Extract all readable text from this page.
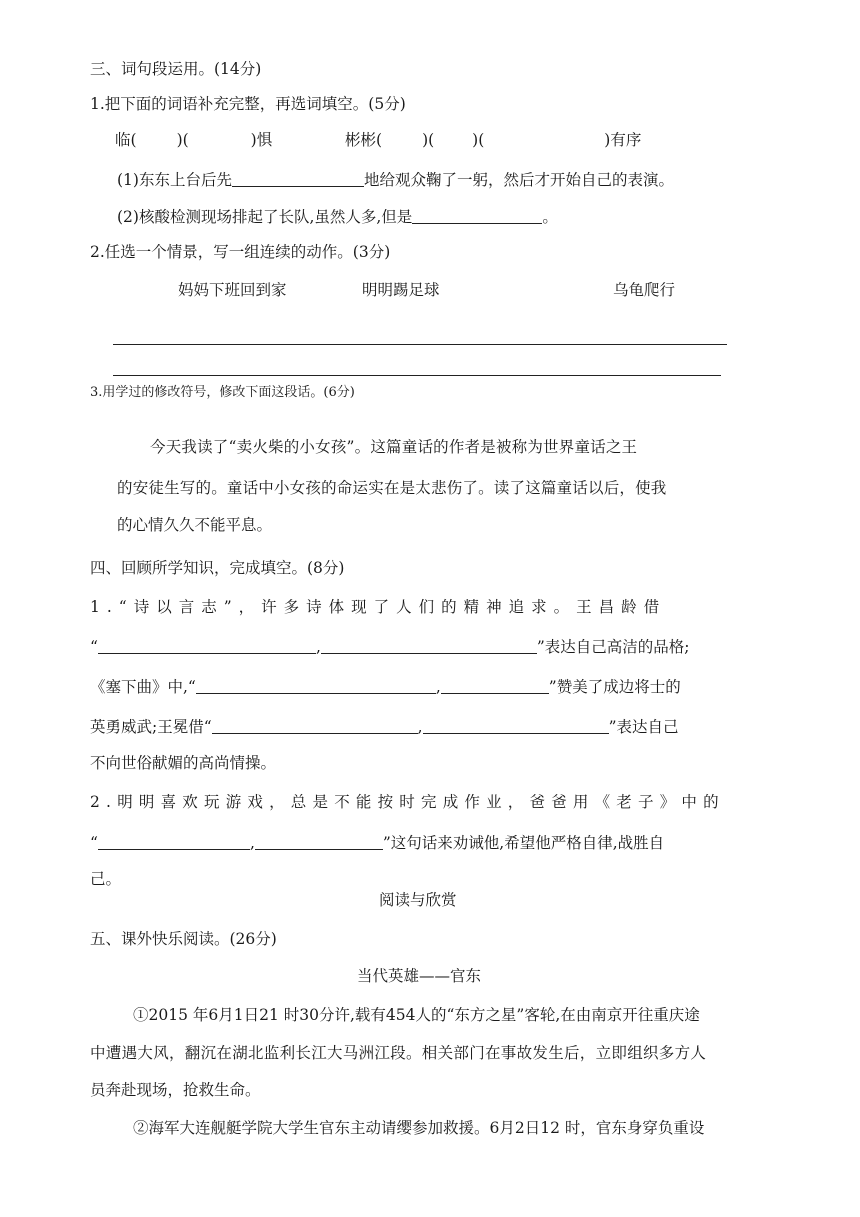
三、词句段运用。(14分)
1.把下面的词语补充完整，再选词填空。(5分)
临(	)(	)惧	彬彬(	)( )(	)有序
(1)东东上台后先	地给观众鞠了一躬，然后才开始自己的表演。
(2)核酸检测现场排起了长队,虽然人多,但是	。
2.任选一个情景，写一组连续的动作。(3分)
妈妈下班回到家	明明踢足球	乌龟爬行
3.用学过的修改符号，修改下面这段话。(6分)
今天我读了“卖火柴的小女孩”。这篇童话的作者是被称为世界童话之王
的安徒生写的。童话中小女孩的命运实在是太悲伤了。读了这篇童话以后，使我
的心情久久不能平息。
四、回顾所学知识，完成填空。(8分)
1.“诗以言志”，许多诗体现了人们的精神追求。王昌龄借
“	,	”表达自己高洁的品格;
《塞下曲》中,“	,	”赞美了成边将士的
英勇威武;王冕借“	,	”表达自己
不向世俗献媚的高尚情操。
2.明明喜欢玩游戏，总是不能按时完成作业，爸爸用《老子》中的
“	,	”这句话来劝诫他,希望他严格自律,战胜自
己。
阅读与欣赏
五、课外快乐阅读。(26分)
当代英雄——官东
①2015 年6月1日21 时30分许,载有454人的“东方之星”客轮,在由南京开往重庆途
中遭遇大风，翻沉在湖北监利长江大马洲江段。相关部门在事故发生后，立即组织多方人
员奔赴现场，抢救生命。
②海军大连舰艇学院大学生官东主动请缨参加救援。6月2日12 时，官东身穿负重设
